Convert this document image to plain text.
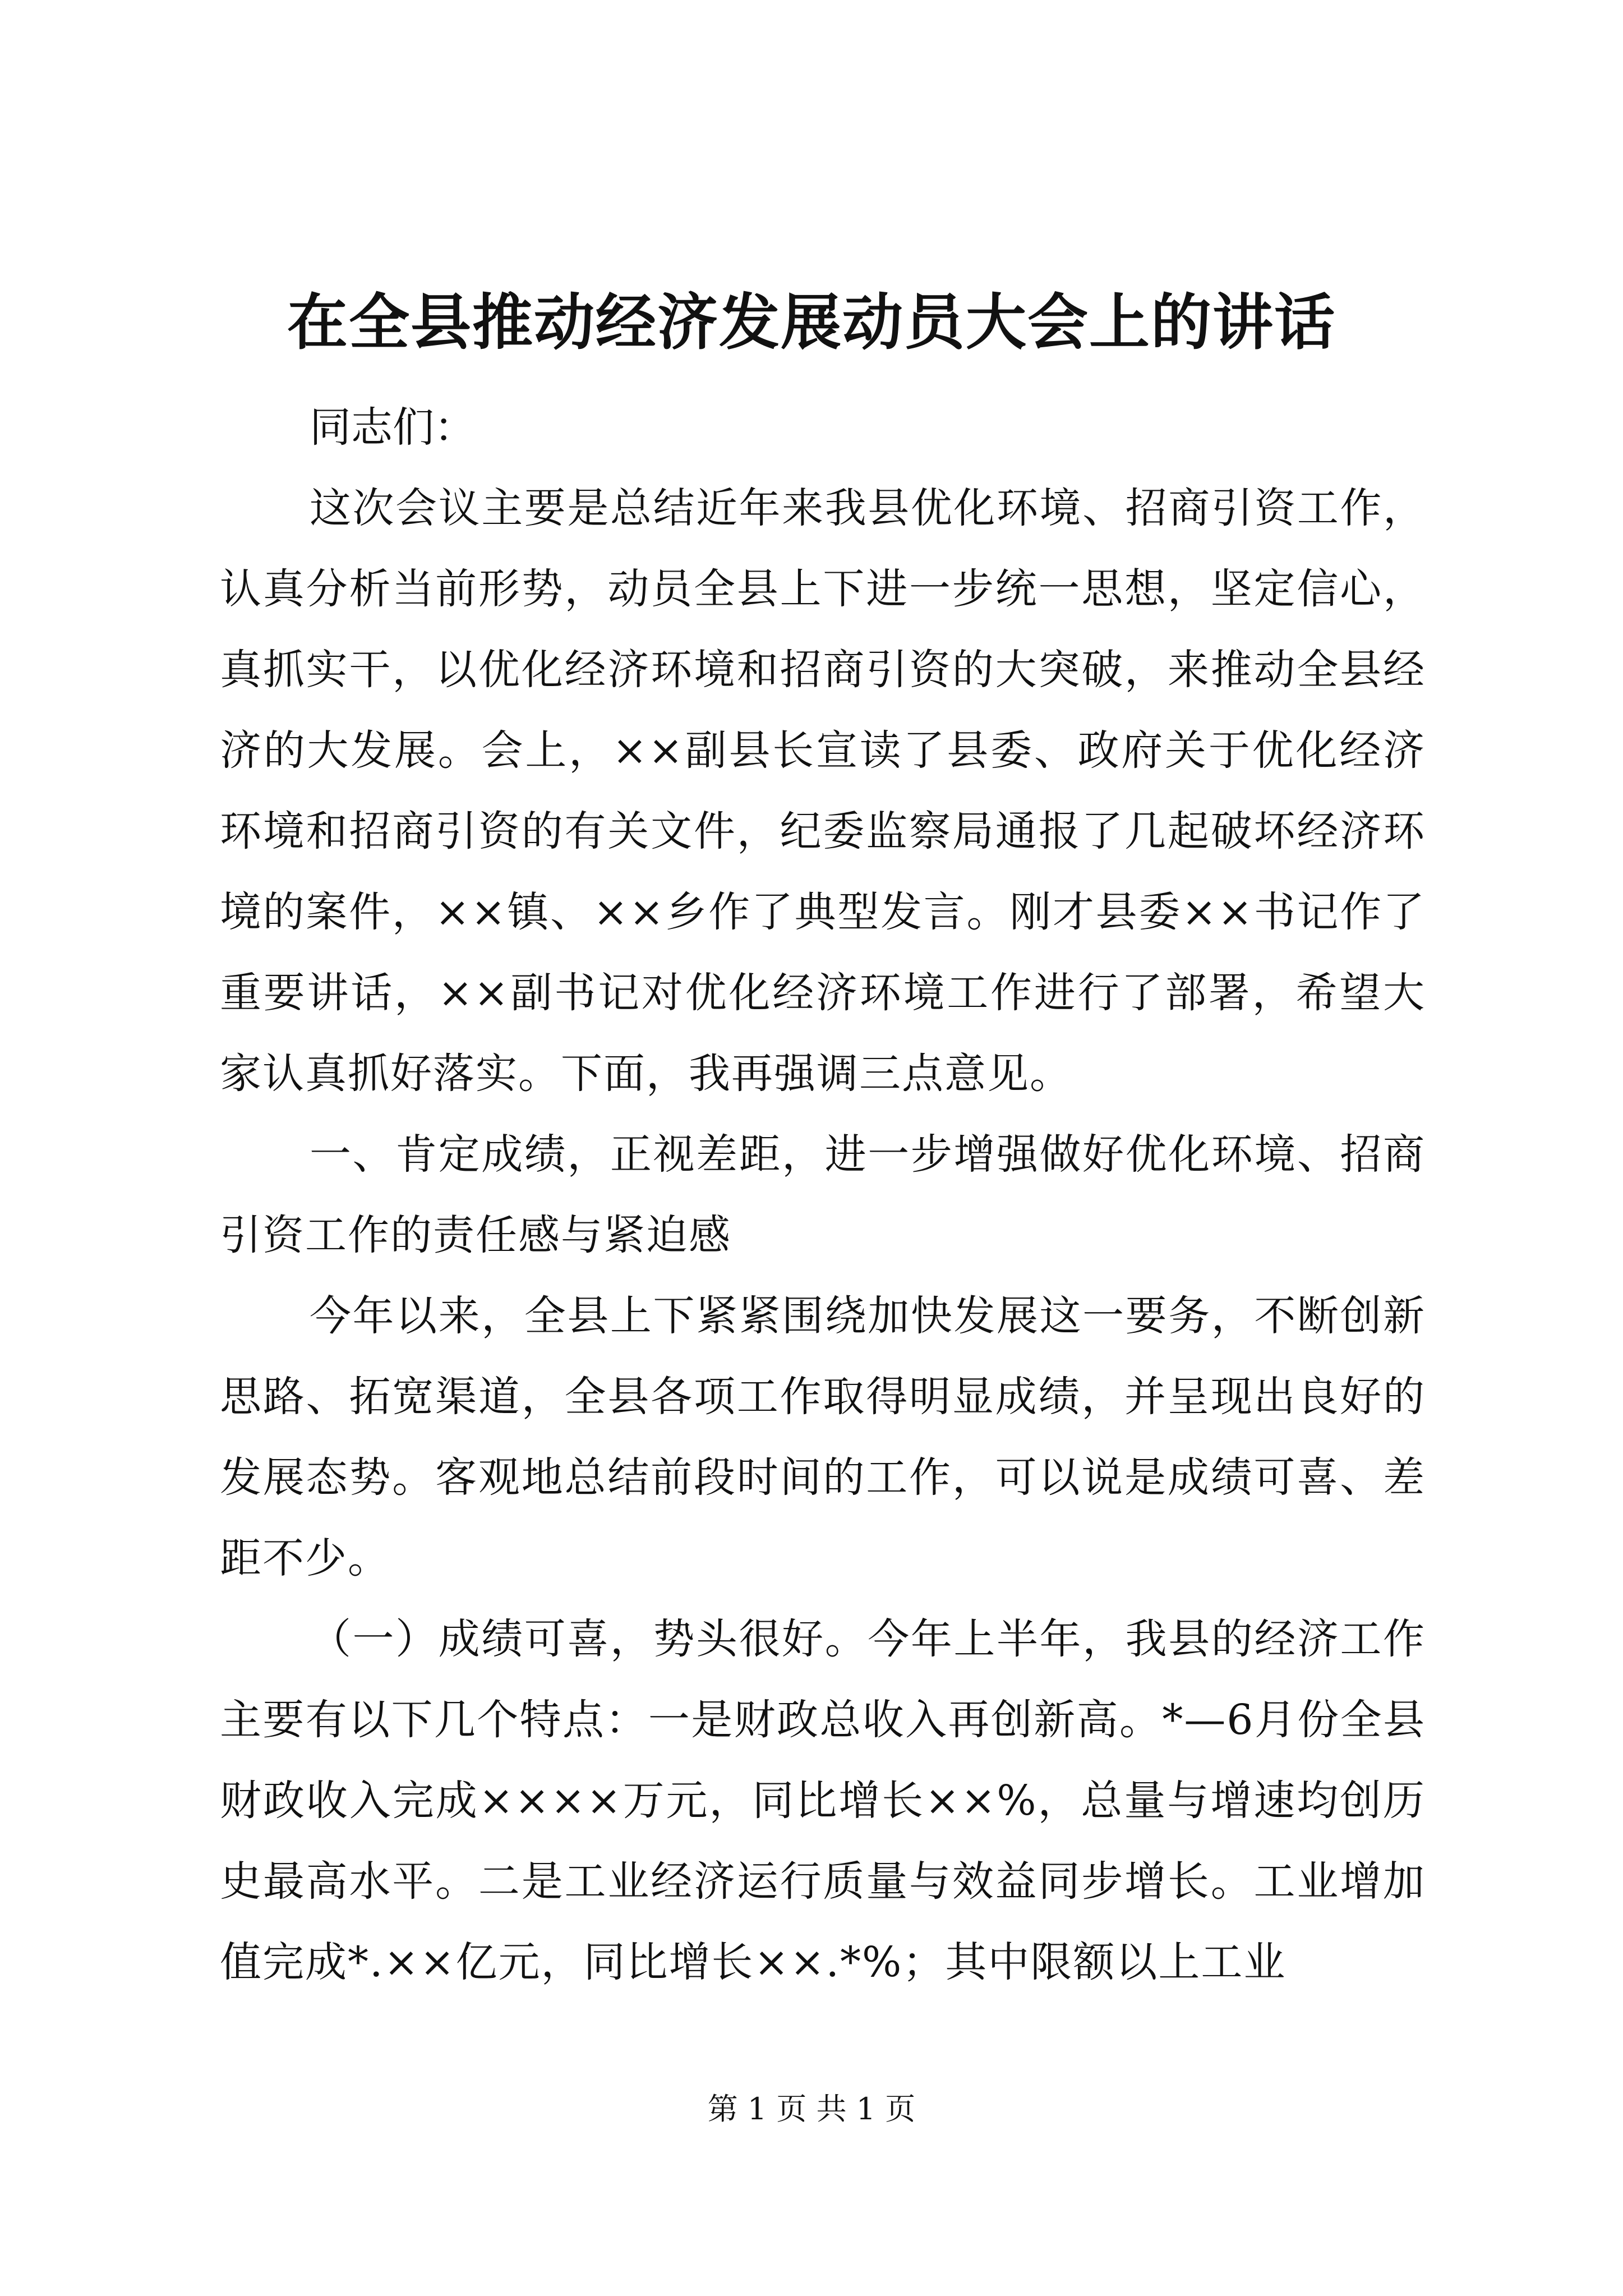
在全县推动经济发展动员大会上的讲话

同志们：

这次会议主要是总结近年来我县优化环境、招商引资工作，认真分析当前形势，动员全县上下进一步统一思想，坚定信心，真抓实干，以优化经济环境和招商引资的大突破，来推动全县经济的大发展。会上，××副县长宣读了县委、政府关于优化经济环境和招商引资的有关文件，纪委监察局通报了几起破坏经济环境的案件，××镇、××乡作了典型发言。刚才县委××书记作了重要讲话，××副书记对优化经济环境工作进行了部署，希望大家认真抓好落实。下面，我再强调三点意见。

一、肯定成绩，正视差距，进一步增强做好优化环境、招商引资工作的责任感与紧迫感

今年以来，全县上下紧紧围绕加快发展这一要务，不断创新思路、拓宽渠道，全县各项工作取得明显成绩，并呈现出良好的发展态势。客观地总结前段时间的工作，可以说是成绩可喜、差距不少。

（一）成绩可喜，势头很好。今年上半年，我县的经济工作主要有以下几个特点：一是财政总收入再创新高。*—6月份全县财政收入完成××××万元，同比增长××%，总量与增速均创历史最高水平。二是工业经济运行质量与效益同步增长。工业增加值完成*.××亿元，同比增长××.*%；其中限额以上工业

第 1 页 共 1 页
